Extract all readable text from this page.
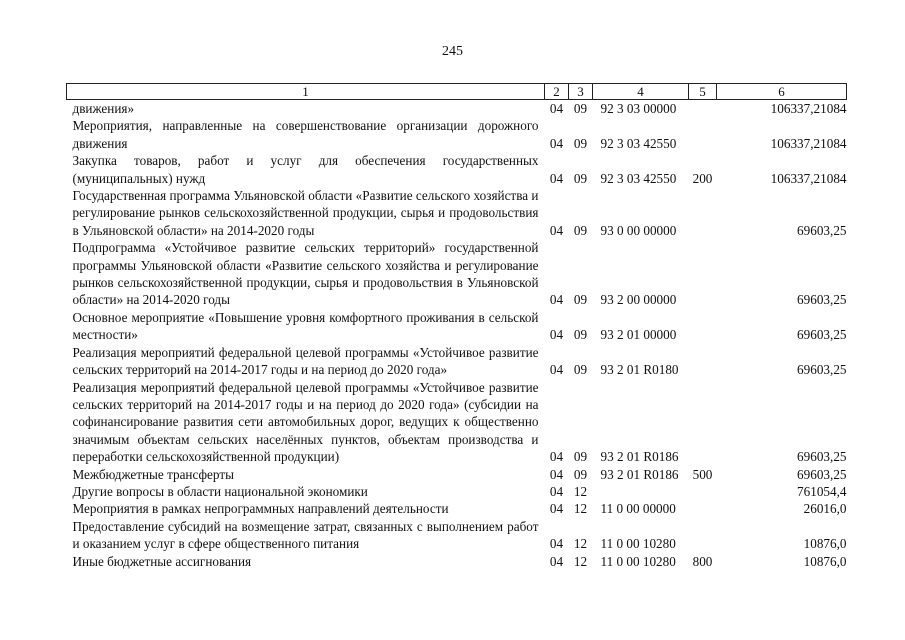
245
1	2	3	4	5	6
движения»	04	09	92 3 03 00000		106337,21084
Мероприятия, направленные на совершенствование организации дорожного движения	04	09	92 3 03 42550		106337,21084
Закупка товаров, работ и услуг для обеспечения государственных (муниципальных) нужд	04	09	92 3 03 42550	200	106337,21084
Государственная программа Ульяновской области «Развитие сельского хозяйства и регулирование рынков сельскохозяйственной продукции, сырья и продовольствия в Ульяновской области» на 2014-2020 годы	04	09	93 0 00 00000		69603,25
Подпрограмма «Устойчивое развитие сельских территорий» государственной программы Ульяновской области «Развитие сельского хозяйства и регулирование рынков сельскохозяйственной продукции, сырья и продовольствия в Ульяновской области» на 2014-2020 годы	04	09	93 2 00 00000		69603,25
Основное мероприятие «Повышение уровня комфортного проживания в сельской местности»	04	09	93 2 01 00000		69603,25
Реализация мероприятий федеральной целевой программы «Устойчивое развитие сельских территорий на 2014-2017 годы и на период до 2020 года»	04	09	93 2 01 R0180		69603,25
Реализация мероприятий федеральной целевой программы «Устойчивое развитие сельских территорий на 2014-2017 годы и на период до 2020 года» (субсидии на софинансирование развития сети автомобильных дорог, ведущих к общественно значимым объектам сельских населённых пунктов, объектам производства и переработки сельскохозяйственной продукции)	04	09	93 2 01 R0186		69603,25
Межбюджетные трансферты	04	09	93 2 01 R0186	500	69603,25
Другие вопросы в области национальной экономики	04	12			761054,4
Мероприятия в рамках непрограммных направлений деятельности	04	12	11 0 00 00000		26016,0
Предоставление субсидий на возмещение затрат, связанных с выполнением работ и оказанием услуг в сфере общественного питания	04	12	11 0 00 10280		10876,0
Иные бюджетные ассигнования	04	12	11 0 00 10280	800	10876,0
